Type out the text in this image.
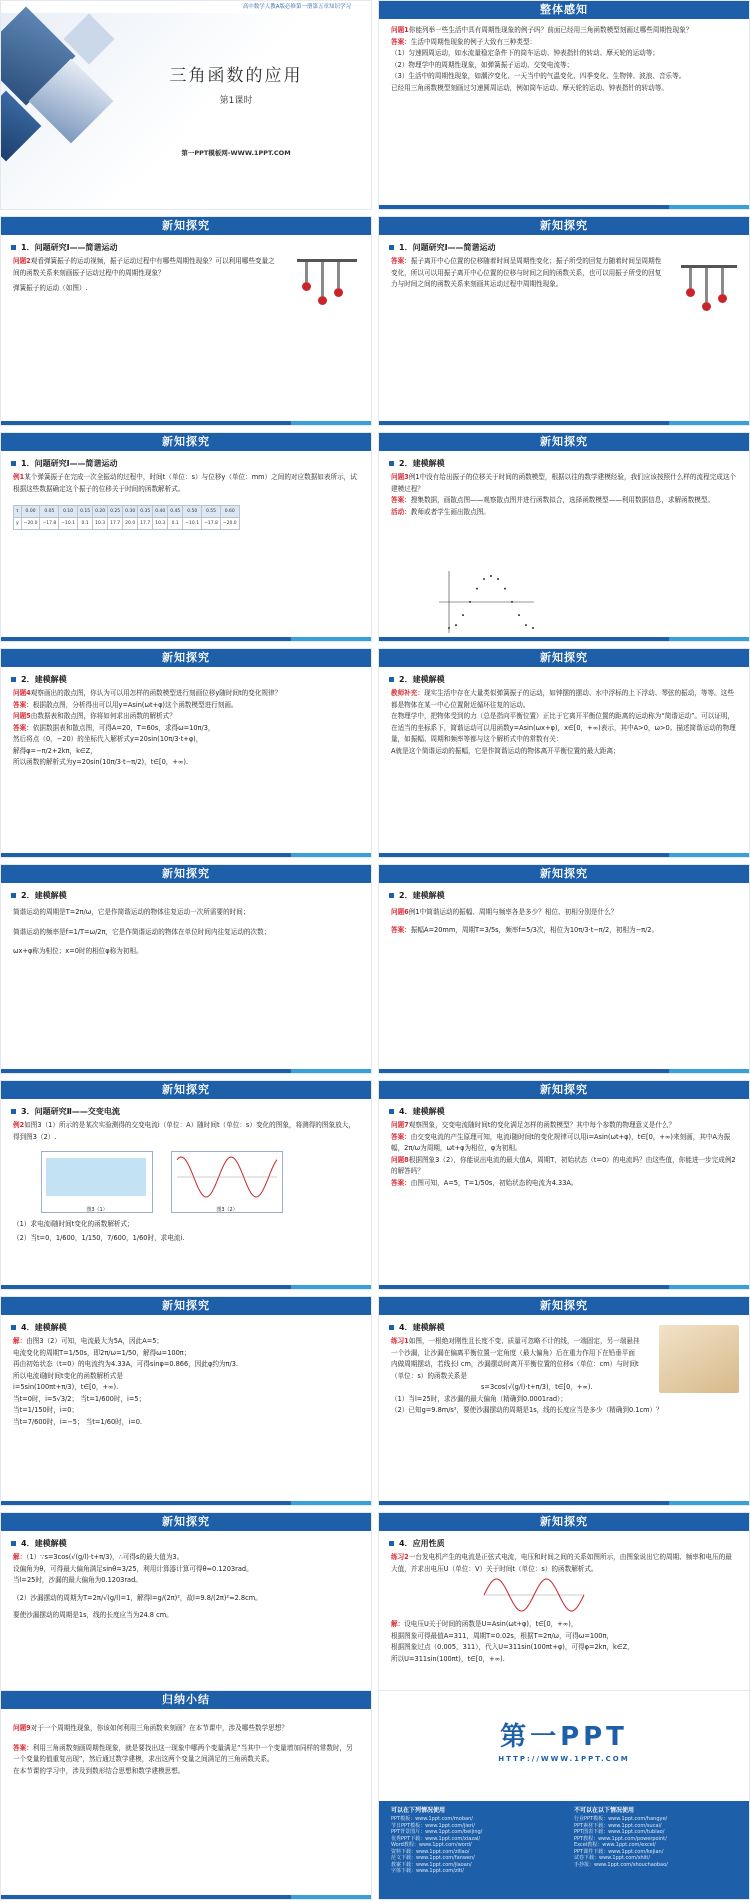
高中数学人教A版必修第一册第五章知识学习
三角函数的应用
第1课时
第一PPT模板网-WWW.1PPT.COM
整体感知
问题1你能列举一些生活中具有周期性现象的例子吗？前面已经用三角函数模型刻画过哪些周期性现象？
答案：生活中周期性现象的例子大致有三种类型：
（1）匀速圆周运动，如水流量稳定条件下的筒车运动、钟表指针的转动、摩天轮的运动等；
（2）物理学中的周期性现象，如弹簧振子运动、交变电流等；
（3）生活中的周期性现象，如潮汐变化、一天当中的气温变化、四季变化、生物钟、波浪、音乐等。
已经用三角函数模型刻画过匀速圆周运动，例如筒车运动、摩天轮的运动、钟表指针的转动等。
新知探究
1．问题研究Ⅰ——简谐运动
问题2观看弹簧振子的运动视频，振子运动过程中有哪些周期性现象？可以利用哪些变量之间的函数关系来刻画振子运动过程中的周期性现象？
弹簧振子的运动（如图）.
新知探究
1．问题研究Ⅰ——简谐运动
答案：振子离开中心位置的位移随着时间呈周期性变化；振子所受的回复力随着时间呈周期性变化，所以可以用振子离开中心位置的位移与时间之间的函数关系，也可以用振子所受的回复力与时间之间的函数关系来刻画其运动过程中周期性现象。
新知探究
1．问题研究Ⅰ——简谐运动
例1某个弹簧振子在完成一次全振动的过程中，时间t（单位：s）与位移y（单位：mm）之间的对应数据如表所示，试根据这些数据确定这个振子的位移关于时间的函数解析式。
t	0.00	0.05	0.10	0.15	0.20	0.25	0.30	0.35	0.40	0.45	0.50	0.55	0.60
y	−20.0	−17.8	−10.1	0.1	10.3	17.7	20.0	17.7	10.3	0.1	−10.1	−17.8	−20.0
新知探究
2．建模解模
问题3例1中没有给出振子的位移关于时间的函数模型，根据以往的数学建模经验，我们应该按照什么样的流程完成这个建模过程？
答案：搜集数据，画散点图——观察散点图并进行函数拟合，选择函数模型——利用数据信息，求解函数模型。
活动：教师或者学生画出散点图。
新知探究
2．建模解模
问题4观察画出的散点图，你认为可以用怎样的函数模型进行刻画位移y随时间t的变化规律？
答案：根据散点图，分析得出可以用y=Asin(ωt+φ)这个函数模型进行刻画。
问题5由数据表和散点图，你将如何求出函数的解析式？
答案：依据数据表和散点图，可得A=20，T=60s，求得ω=10π/3，
然后将点（0，−20）的坐标代入解析式y=20sin(10π/3·t+φ)，
解得φ=−π/2+2kπ，k∈Z，
所以函数的解析式为y=20sin(10π/3·t−π/2)，t∈[0，+∞).
新知探究
2．建模解模
教师补充：现实生活中存在大量类似弹簧振子的运动，如钟摆的摆动、水中浮标的上下浮动、琴弦的振动，等等。这些都是物体在某一中心位置附近循环往复的运动。
在物理学中，把物体受到的力（总是指向平衡位置）正比于它离开平衡位置的距离的运动称为“简谐运动”。可以证明，在适当的坐标系下，简谐运动可以用函数y=Asin(ωx+φ)，x∈[0，+∞)表示，其中A>0，ω>0。描述简谐运动的物理量，如振幅、周期和频率等都与这个解析式中的常数有关：
A就是这个简谐运动的振幅，它是作简谐运动的物体离开平衡位置的最大距离；
新知探究
2．建模解模
简谐运动的周期是T=2π/ω，它是作简谐运动的物体往复运动一次所需要的时间；
简谐运动的频率是f=1/T=ω/2π，它是作简谐运动的物体在单位时间内往复运动的次数；
ωx+φ称为相位；x=0时的相位φ称为初相。
新知探究
2．建模解模
问题6例1中简谐运动的振幅、周期与频率各是多少？相位、初相分别是什么？
答案：振幅A=20mm，周期T=3/5s，频率f=5/3次，相位为10π/3·t−π/2，初相为−π/2。
新知探究
3．问题研究Ⅱ——交变电流
例2如图3（1）所示的是某次实验测得的交变电流i（单位：A）随时间t（单位：s）变化的图象，将测得的图象放大，得到图3（2）.
图3（1）	图3（2）
（1）求电流i随时间t变化的函数解析式；
（2）当t=0，1/600，1/150，7/600，1/60时，求电流i.
新知探究
4．建模解模
问题7观察图象，交变电流随时间t的变化满足怎样的函数模型？其中每个参数的物理意义是什么？
答案：由交变电流的产生原理可知，电流i随时间t的变化规律可以用i=Asin(ωt+φ)，t∈[0，+∞)来刻画，其中A为振幅，2π/ω为周期，ωt+φ为相位，φ为初相。
问题8根据图象3（2），你能说出电流的最大值A，周期T，初始状态（t=0）的电流吗？由这些值，你能进一步完成例2的解答吗？
答案：由图可知，A=5，T=1/50s，初始状态的电流为4.33A。
新知探究
4．建模解模
解：由图3（2）可知，电流最大为5A，因此A=5；
电流变化的周期T=1/50s，即2π/ω=1/50，解得ω=100π；
再由初始状态（t=0）的电流约为4.33A，可得sinφ=0.866，因此φ约为π/3.
所以电流i随时间t变化的函数解析式是
i=5sin(100πt+π/3)，t∈[0，+∞).
当t=0时，i=5√3/2； 当t=1/600时，i=5；
当t=1/150时，i=0；
当t=7/600时，i=−5； 当t=1/60时，i=0.
新知探究
4．建模解模
练习1如图，一根绝对刚性且长度不变、质量可忽略不计的线，一端固定，另一端悬挂一个沙漏，让沙漏在偏离平衡位置一定角度（最大偏角）后在重力作用下在铅垂平面内做周期摆动，若线长l cm，沙漏摆动时离开平衡位置的位移s（单位：cm）与时间t（单位：s）的函数关系是
s=3cos(√(g/l)·t+π/3)，t∈[0，+∞).
（1）当l=25时，求沙漏的最大偏角（精确到0.0001rad）；
（2）已知g=9.8m/s²，要使沙漏摆动的周期是1s，线的长度应当是多少（精确到0.1cm）？
新知探究
4．建模解模
解：（1）∵s=3cos(√(g/l)·t+π/3)，∴可得s的最大值为3。
设偏角为θ，可得最大偏角满足sinθ=3/25，利用计算器计算可得θ≈0.1203rad。
当l=25时，沙漏的最大偏角为0.1203rad。
（2）沙漏摆动的周期为T=2π/√(g/l)=1，解得l=g/(2π)²，故l=9.8/(2π)²≈2.8cm。
要使沙漏摆动的周期是1s，线的长度应当为24.8 cm。
新知探究
4．应用性质
练习2一台发电机产生的电流是正弦式电流，电压和时间之间的关系如图所示，由图象说出它的周期、频率和电压的最大值，并求出电压U（单位：V）关于时间t（单位：s）的函数解析式。
解：设电压U关于时间的函数是U=Asin(ωt+φ)，t∈[0，+∞)，
根据图象可得最值A=311，周期T=0.02s，根据T=2π/ω，可得ω=100π，
根据图象过点（0.005，311），代入U=311sin(100πt+φ)，可得φ=2kπ，k∈Z，
所以U=311sin(100πt)，t∈[0，+∞).
归纳小结
问题9对于一个周期性现象，你该如何利用三角函数来刻画？在本节课中，涉及哪些数学思想？
答案：利用三角函数刻画周期性现象，就是要找出这一现象中哪两个变量满足“当其中一个变量增加同样的常数时，另一个变量的值重复出现”，然后通过数学建模，求出这两个变量之间满足的三角函数关系。
在本节课的学习中，涉及到数形结合思想和数学建模思想。
第一PPT
HTTP://WWW.1PPT.COM
可以在下列情况使用
PPT模板：www.1ppt.com/moban/
节日PPT模板：www.1ppt.com/jieri/
PPT背景图片：www.1ppt.com/beijing/
优秀PPT下载：www.1ppt.com/xiazai/
Word教程：www.1ppt.com/word/
资料下载：www.1ppt.com/ziliao/
范文下载：www.1ppt.com/fanwen/
教案下载：www.1ppt.com/jiaoan/
字体下载：www.1ppt.com/ziti/
不可以在以下情况使用
行业PPT模板：www.1ppt.com/hangye/
PPT素材下载：www.1ppt.com/sucai/
PPT图表下载：www.1ppt.com/tubiao/
PPT教程：www.1ppt.com/powerpoint/
Excel教程：www.1ppt.com/excel/
PPT课件下载：www.1ppt.com/kejian/
试卷下载：www.1ppt.com/shiti/
手抄报：www.1ppt.com/shouchaobao/
